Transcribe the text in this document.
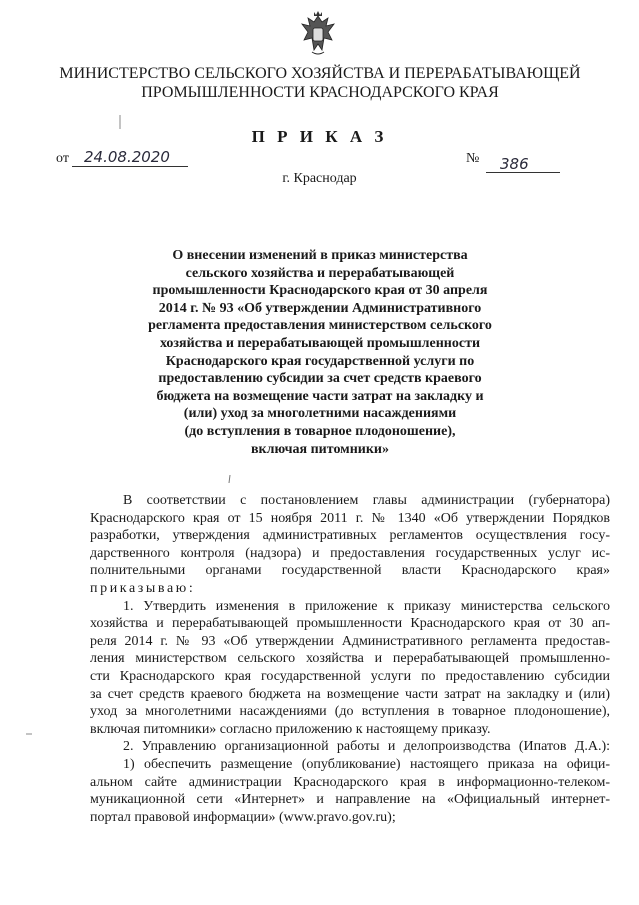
МИНИСТЕРСТВО СЕЛЬСКОГО ХОЗЯЙСТВА И ПЕРЕРАБАТЫВАЮЩЕЙ
ПРОМЫШЛЕННОСТИ КРАСНОДАРСКОГО КРАЯ
П Р И К А З
от 24.08.2020	№ 386
г. Краснодар
О внесении изменений в приказ министерства
сельского хозяйства и перерабатывающей
промышленности Краснодарского края от 30 апреля
2014 г. № 93 «Об утверждении Административного
регламента предоставления министерством сельского
хозяйства и перерабатывающей промышленности
Краснодарского края государственной услуги по
предоставлению субсидии за счет средств краевого
бюджета на возмещение части затрат на закладку и
(или) уход за многолетними насаждениями
(до вступления в товарное плодоношение),
включая питомники»
В соответствии с постановлением главы администрации (губернатора)
Краснодарского края от 15 ноября 2011 г. № 1340 «Об утверждении Порядков
разработки, утверждения административных регламентов осуществления госу-
дарственного контроля (надзора) и предоставления государственных услуг ис-
полнительными органами государственной власти Краснодарского края»
приказываю:
1. Утвердить изменения в приложение к приказу министерства сельского
хозяйства и перерабатывающей промышленности Краснодарского края от 30 ап-
реля 2014 г. № 93 «Об утверждении Административного регламента предостав-
ления министерством сельского хозяйства и перерабатывающей промышленно-
сти Краснодарского края государственной услуги по предоставлению субсидии
за счет средств краевого бюджета на возмещение части затрат на закладку и (или)
уход за многолетними насаждениями (до вступления в товарное плодоношение),
включая питомники» согласно приложению к настоящему приказу.
2. Управлению организационной работы и делопроизводства (Ипатов Д.А.):
1) обеспечить размещение (опубликование) настоящего приказа на офици-
альном сайте администрации Краснодарского края в информационно-телеком-
муникационной сети «Интернет» и направление на «Официальный интернет-
портал правовой информации» (www.pravo.gov.ru);
